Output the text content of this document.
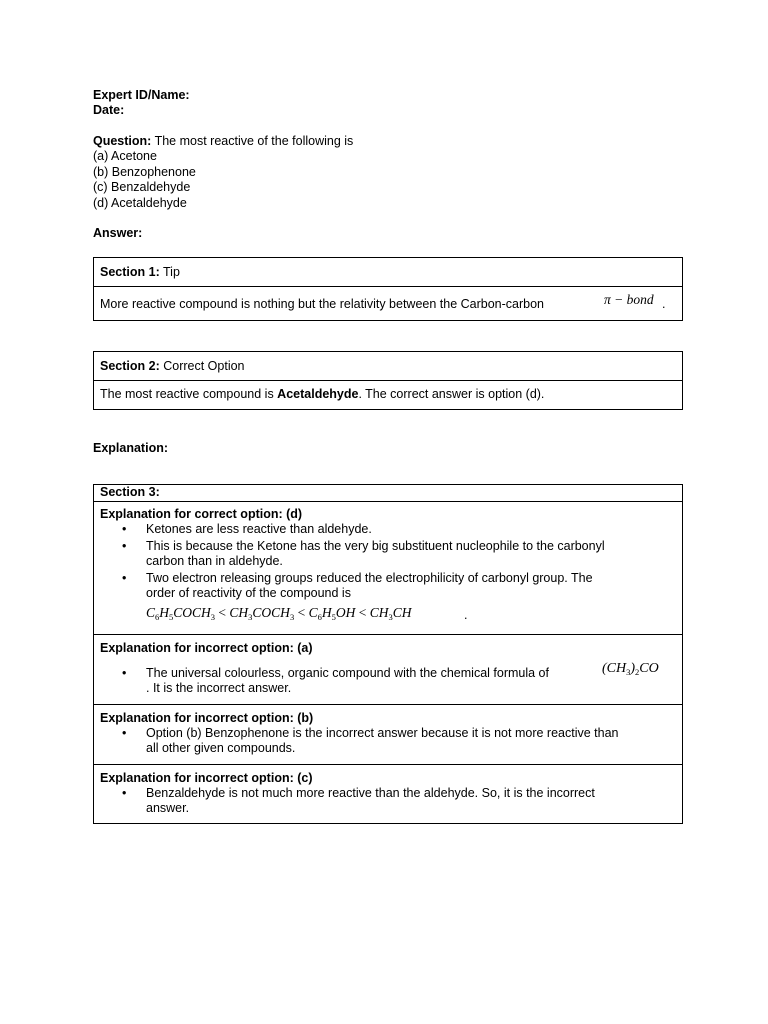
Expert ID/Name:
Date:
Question: The most reactive of the following is
(a) Acetone
(b) Benzophenone
(c) Benzaldehyde
(d) Acetaldehyde
Answer:
Section 1: Tip
More reactive compound is nothing but the relativity between the Carbon-carbon	π − bond .
Section 2: Correct Option
The most reactive compound is Acetaldehyde. The correct answer is option (d).
Explanation:
Section 3:
Explanation for correct option: (d)
• Ketones are less reactive than aldehyde.
• This is because the Ketone has the very big substituent nucleophile to the carbonyl carbon than in aldehyde.
• Two electron releasing groups reduced the electrophilicity of carbonyl group. The order of reactivity of the compound is
$C_6H_5COCH_3$ < $CH_3COCH_3 < C_6H_5OH < CH_3CH$	.
Explanation for incorrect option: (a)
• The universal colourless, organic compound with the chemical formula of
. It is the incorrect answer.
$(CH_3)_2CO$
Explanation for incorrect option: (b)
• Option (b) Benzophenone is the incorrect answer because it is not more reactive than all other given compounds.
Explanation for incorrect option: (c)
• Benzaldehyde is not much more reactive than the aldehyde. So, it is the incorrect answer.
